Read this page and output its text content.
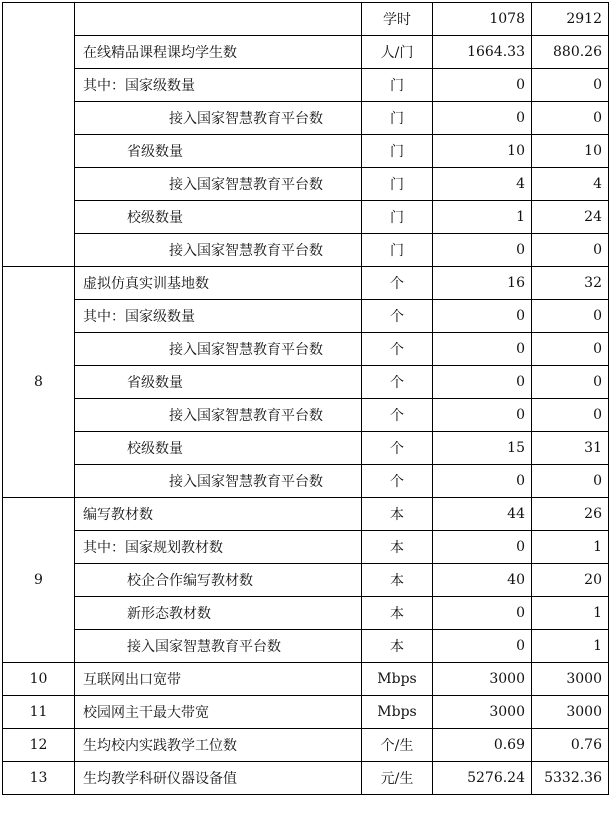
		学时	1078	2912
	在线精品课程课均学生数	人/门	1664.33	880.26
	其中：国家级数量	门	0	0
	接入国家智慧教育平台数	门	0	0
	省级数量	门	10	10
	接入国家智慧教育平台数	门	4	4
	校级数量	门	1	24
	接入国家智慧教育平台数	门	0	0
8	虚拟仿真实训基地数	个	16	32
	其中：国家级数量	个	0	0
	接入国家智慧教育平台数	个	0	0
	省级数量	个	0	0
	接入国家智慧教育平台数	个	0	0
	校级数量	个	15	31
	接入国家智慧教育平台数	个	0	0
9	编写教材数	本	44	26
	其中：国家规划教材数	本	0	1
	校企合作编写教材数	本	40	20
	新形态教材数	本	0	1
	接入国家智慧教育平台数	本	0	1
10	互联网出口宽带	Mbps	3000	3000
11	校园网主干最大带宽	Mbps	3000	3000
12	生均校内实践教学工位数	个/生	0.69	0.76
13	生均教学科研仪器设备值	元/生	5276.24	5332.36
